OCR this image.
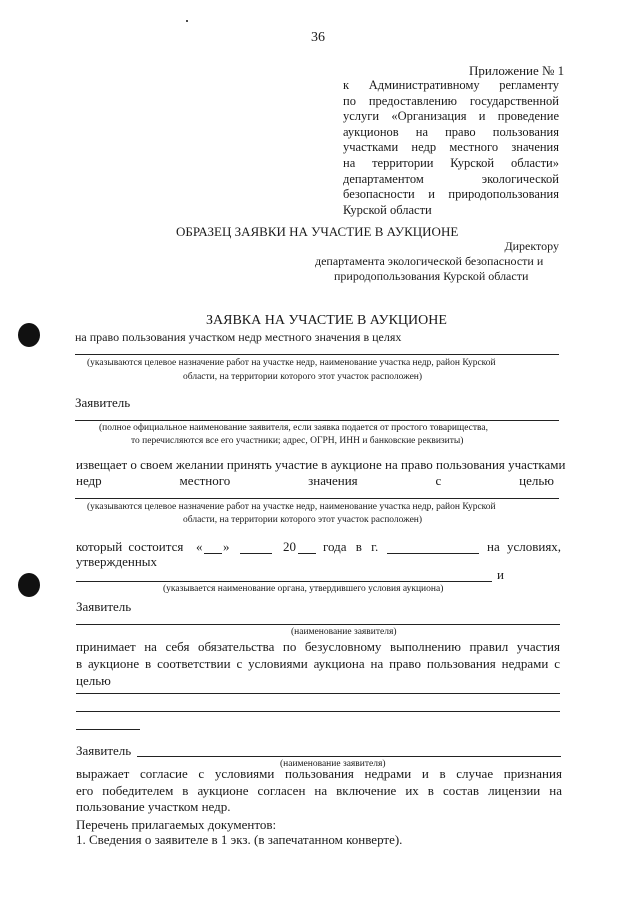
36
Приложение № 1
к Административному регламенту
по предоставлению государственной
услуги «Организация и проведение
аукционов на право пользования
участками недр местного значения
на территории Курской области»
департаментом экологической
безопасности и природопользования
Курской области
ОБРАЗЕЦ ЗАЯВКИ НА УЧАСТИЕ В АУКЦИОНЕ
Директору
департамента экологической безопасности и
природопользования Курской области
ЗАЯВКА НА УЧАСТИЕ В АУКЦИОНЕ
на право пользования участком недр местного значения в целях
(указываются целевое назначение работ на участке недр, наименование участка недр, район Курской
области, на территории которого этот участок расположен)
Заявитель
(полное официальное наименование заявителя, если заявка подается от простого товарищества,
то перечисляются все его участники; адрес, ОГРН, ИНН и банковские реквизиты)
извещает о своем желании принять участие в аукционе на право пользования участками
недр	местного	значения	с	целью
(указываются целевое назначение работ на участке недр, наименование участка недр, район Курской
области, на территории которого этот участок расположен)
который состоится « »	20 года в г.	на условиях,
утвержденных
и
(указывается наименование органа, утвердившего условия аукциона)
Заявитель
(наименование заявителя)
принимает на себя обязательства по безусловному выполнению правил участия
в аукционе в соответствии с условиями аукциона на право пользования недрами с
целью
Заявитель
(наименование заявителя)
выражает согласие с условиями пользования недрами и в случае признания
его победителем в аукционе согласен на включение их в состав лицензии на
пользование участком недр.
Перечень прилагаемых документов:
1. Сведения о заявителе в 1 экз. (в запечатанном конверте).
